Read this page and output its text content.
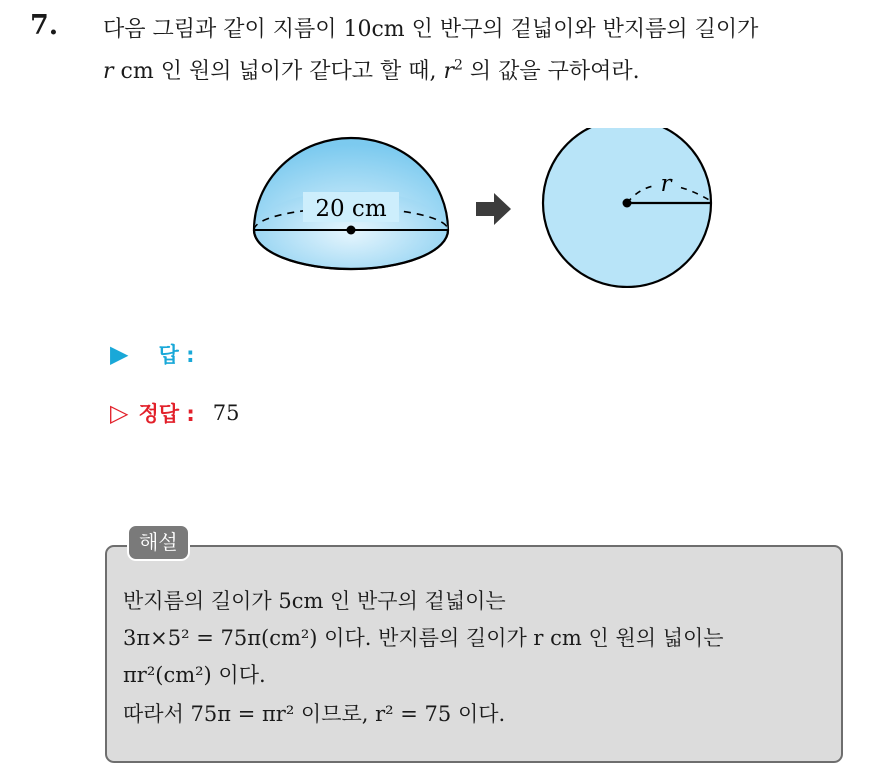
7. 다음 그림과 같이 지름이 10cm 인 반구의 겉넓이와 반지름의 길이가
r cm 인 원의 넓이가 같다고 할 때, $r^2$ 의 값을 구하여라.
20 cm
r
▶ 답 :
▷ 정답 : 75
해설
반지름의 길이가 5cm 인 반구의 겉넓이는
3π×5² = 75π(cm²) 이다. 반지름의 길이가 r cm 인 원의 넓이는
πr²(cm²) 이다.
따라서 75π = πr² 이므로, r² = 75 이다.
